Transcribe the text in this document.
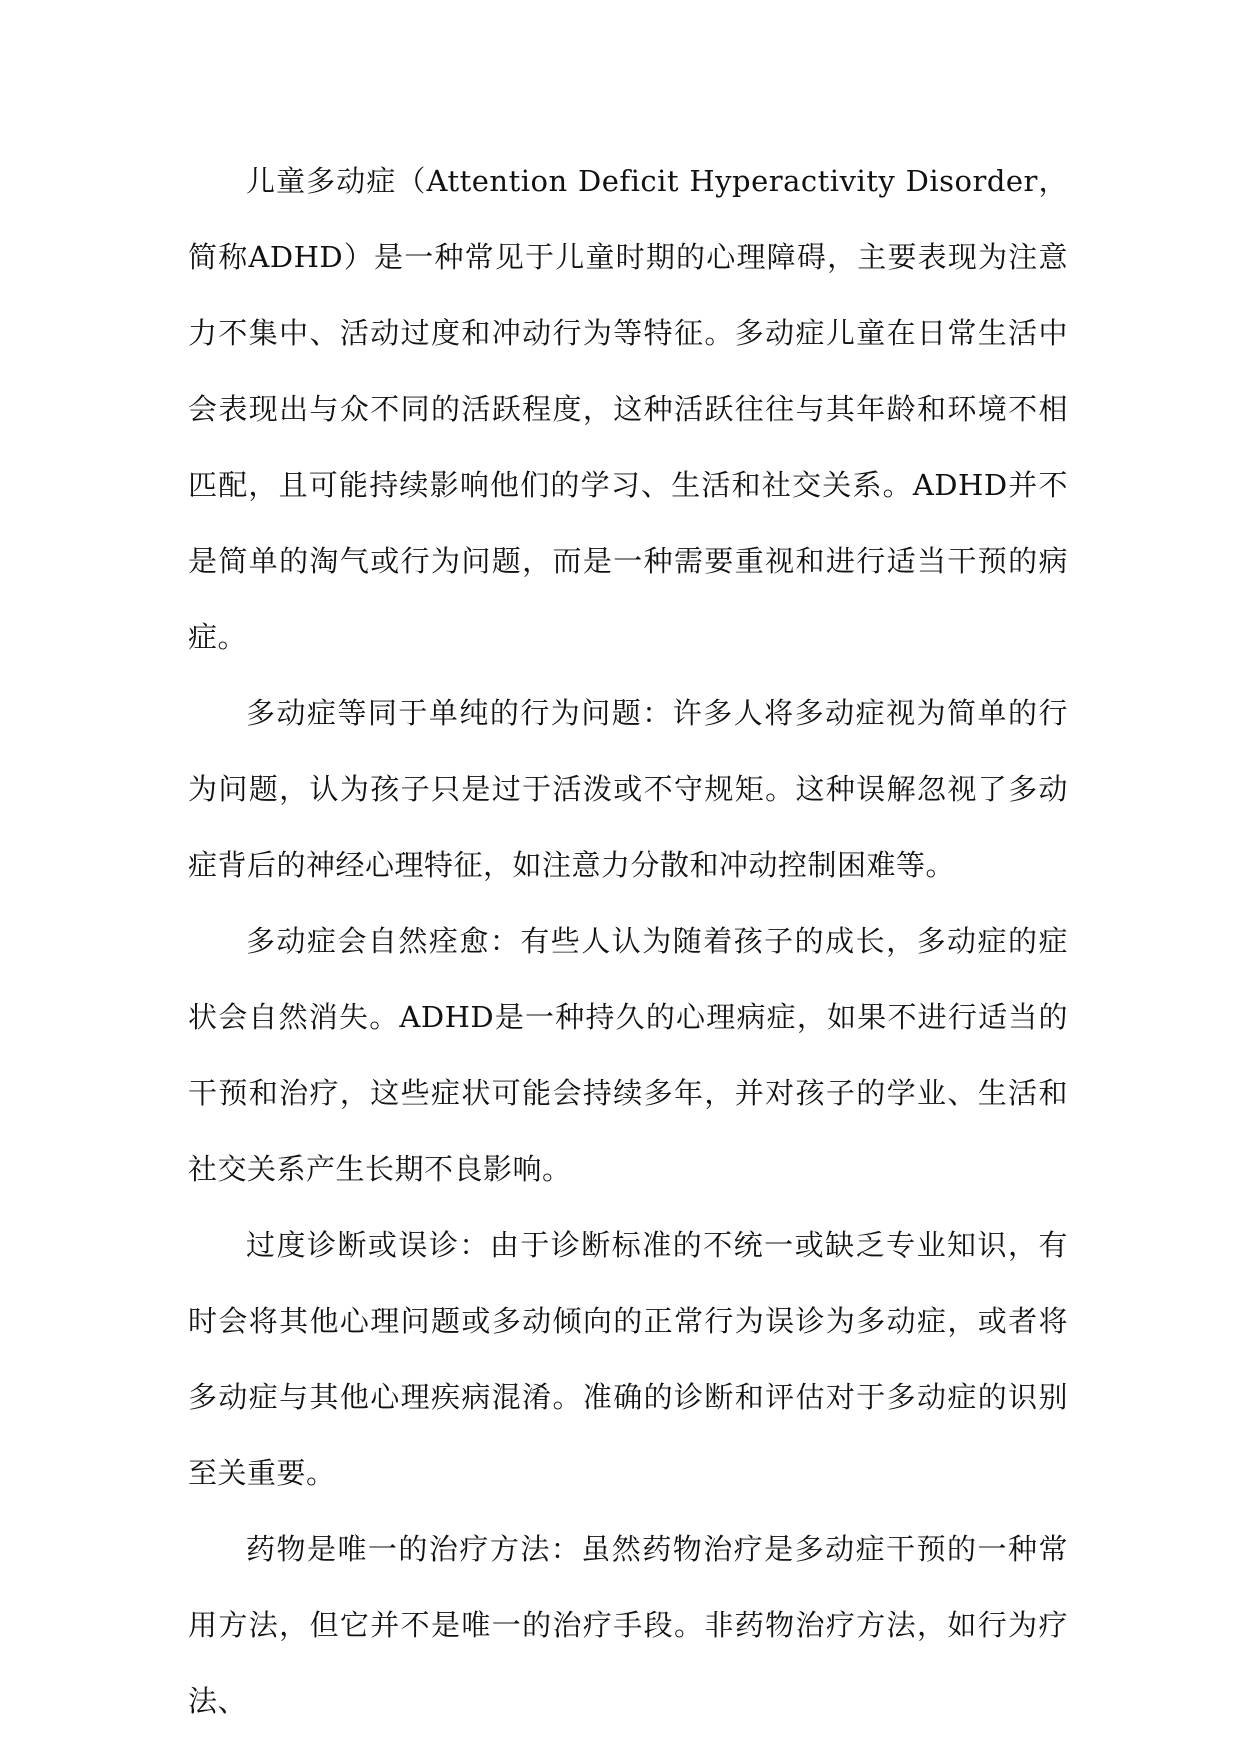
儿童多动症（Attention Deficit Hyperactivity Disorder，简称ADHD）是一种常见于儿童时期的心理障碍，主要表现为注意力不集中、活动过度和冲动行为等特征。多动症儿童在日常生活中会表现出与众不同的活跃程度，这种活跃往往与其年龄和环境不相匹配，且可能持续影响他们的学习、生活和社交关系。ADHD并不是简单的淘气或行为问题，而是一种需要重视和进行适当干预的病症。

多动症等同于单纯的行为问题：许多人将多动症视为简单的行为问题，认为孩子只是过于活泼或不守规矩。这种误解忽视了多动症背后的神经心理特征，如注意力分散和冲动控制困难等。

多动症会自然痊愈：有些人认为随着孩子的成长，多动症的症状会自然消失。ADHD是一种持久的心理病症，如果不进行适当的干预和治疗，这些症状可能会持续多年，并对孩子的学业、生活和社交关系产生长期不良影响。

过度诊断或误诊：由于诊断标准的不统一或缺乏专业知识，有时会将其他心理问题或多动倾向的正常行为误诊为多动症，或者将多动症与其他心理疾病混淆。准确的诊断和评估对于多动症的识别至关重要。

药物是唯一的治疗方法：虽然药物治疗是多动症干预的一种常用方法，但它并不是唯一的治疗手段。非药物治疗方法，如行为疗法、
